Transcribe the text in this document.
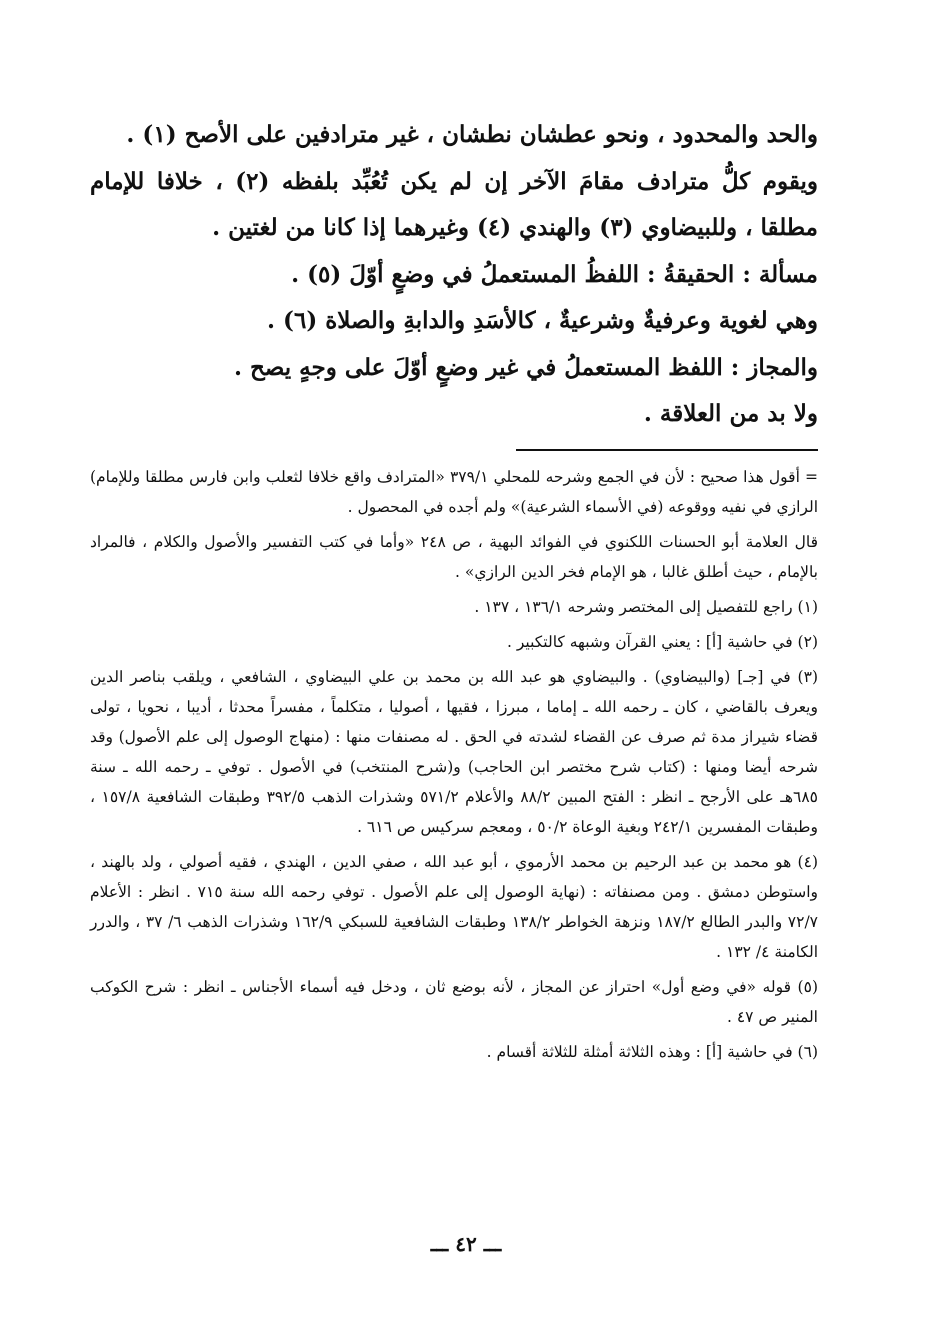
والحد والمحدود ، ونحو عطشان نطشان ، غير مترادفين على الأصح (١) .

ويقوم كلُّ مترادف مقامَ الآخر إن لم يكن تُعُبِّد بلفظه (٢) ، خلافا للإمام مطلقا ، وللبيضاوي (٣) والهندي (٤) وغيرهما إذا كانا من لغتين .

مسألة : الحقيقةُ : اللفظُ المستعملُ في وضعٍ أوّلَ (٥) .

وهي لغوية وعرفيةٌ وشرعيةٌ ، كالأسَدِ والدابةِ والصلاة (٦) .

والمجاز : اللفظ المستعملُ في غير وضعٍ أوّلَ على وجهٍ يصح .

ولا بد من العلاقة .

= أقول هذا صحيح : لأن في الجمع وشرحه للمحلي ٣٧٩/١ «المترادف واقع خلافا لثعلب وابن فارس مطلقا وللإمام) الرازي في نفيه ووقوعه (في الأسماء الشرعية)» ولم أجده في المحصول .

قال العلامة أبو الحسنات اللكنوي في الفوائد البهية ، ص ٢٤٨ «وأما في كتب التفسير والأصول والكلام ، فالمراد بالإمام ، حيث أطلق غالبا ، هو الإمام فخر الدين الرازي» .

(١) راجع للتفصيل إلى المختصر وشرحه ١٣٦/١ ، ١٣٧ .

(٢) في حاشية [أ] : يعني القرآن وشبهه كالتكبير .

(٣) في [جـ] (والبيضاوي) . والبيضاوي هو عبد الله بن محمد بن علي البيضاوي ، الشافعي ، ويلقب بناصر الدين ويعرف بالقاضي ، كان ـ رحمه الله ـ إماما ، مبرزا ، فقيها ، أصوليا ، متكلماً ، مفسراً محدثا ، أديبا ، نحويا ، تولى قضاء شيراز مدة ثم صرف عن القضاء لشدته في الحق . له مصنفات منها : (منهاج الوصول إلى علم الأصول) وقد شرحه أيضا ومنها : (كتاب شرح مختصر ابن الحاجب) و(شرح المنتخب) في الأصول . توفي ـ رحمه الله ـ سنة ٦٨٥هـ على الأرجح ـ انظر : الفتح المبين ٨٨/٢ والأعلام ٥٧١/٢ وشذرات الذهب ٣٩٢/٥ وطبقات الشافعية ١٥٧/٨ ، وطبقات المفسرين ٢٤٢/١ وبغية الوعاة ٥٠/٢ ، ومعجم سركيس ص ٦١٦ .

(٤) هو محمد بن عبد الرحيم بن محمد الأرموي ، أبو عبد الله ، صفي الدين ، الهندي ، فقيه أصولي ، ولد بالهند ، واستوطن دمشق . ومن مصنفاته : (نهاية الوصول إلى علم الأصول . توفي رحمه الله سنة ٧١٥ . انظر : الأعلام ٧٢/٧ والبدر الطالع ١٨٧/٢ ونزهة الخواطر ١٣٨/٢ وطبقات الشافعية للسبكي ١٦٢/٩ وشذرات الذهب ٦/ ٣٧ ، والدرر الكامنة ٤/ ١٣٢ .

(٥) قوله «في وضع أول» احتراز عن المجاز ، لأنه بوضع ثان ، ودخل فيه أسماء الأجناس ـ انظر : شرح الكوكب المنير ص ٤٧ .

(٦) في حاشية [أ] : وهذه الثلاثة أمثلة للثلاثة أقسام .

ـــ ٤٢ ـــ
